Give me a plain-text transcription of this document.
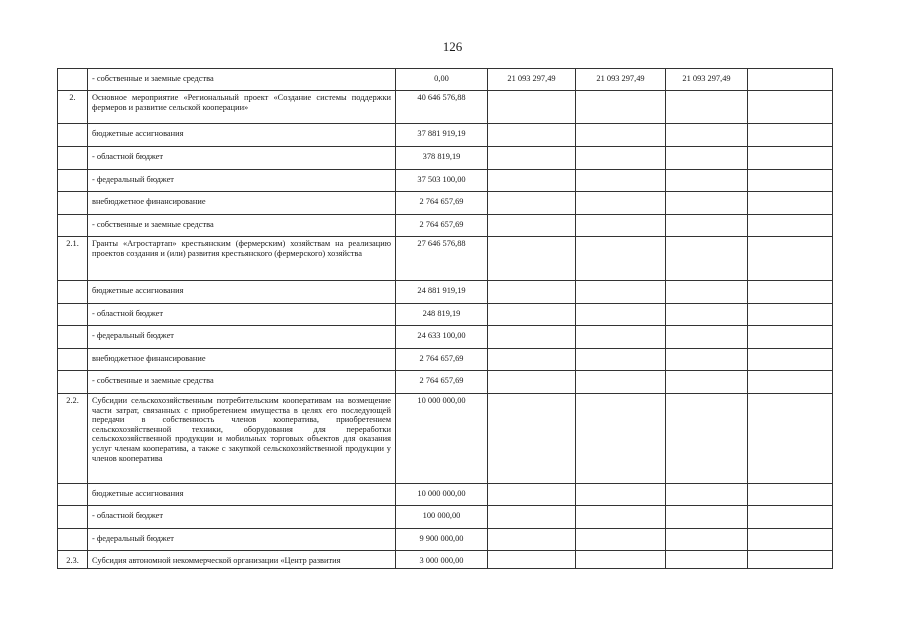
126
	- собственные и заемные средства	0,00	21 093 297,49	21 093 297,49	21 093 297,49	
2.	Основное мероприятие «Региональный проект «Создание системы поддержки фермеров и развитие сельской кооперации»	40 646 576,88				
	бюджетные ассигнования	37 881 919,19				
	- областной бюджет	378 819,19				
	- федеральный бюджет	37 503 100,00				
	внебюджетное финансирование	2 764 657,69				
	- собственные и заемные средства	2 764 657,69				
2.1.	Гранты «Агростартап» крестьянским (фермерским) хозяйствам на реализацию проектов создания и (или) развития крестьянского (фермерского) хозяйства	27 646 576,88				
	бюджетные ассигнования	24 881 919,19				
	- областной бюджет	248 819,19				
	- федеральный бюджет	24 633 100,00				
	внебюджетное финансирование	2 764 657,69				
	- собственные и заемные средства	2 764 657,69				
2.2.	Субсидии сельскохозяйственным потребительским кооперативам на возмещение части затрат, связанных с приобретением имущества в целях его последующей передачи в собственность членов кооператива, приобретением сельскохозяйственной техники, оборудования для переработки сельскохозяйственной продукции и мобильных торговых объектов для оказания услуг членам кооператива, а также с закупкой сельскохозяйственной продукции у членов кооператива	10 000 000,00				
	бюджетные ассигнования	10 000 000,00				
	- областной бюджет	100 000,00				
	- федеральный бюджет	9 900 000,00				
2.3.	Субсидия автономной некоммерческой организации «Центр развития	3 000 000,00				
